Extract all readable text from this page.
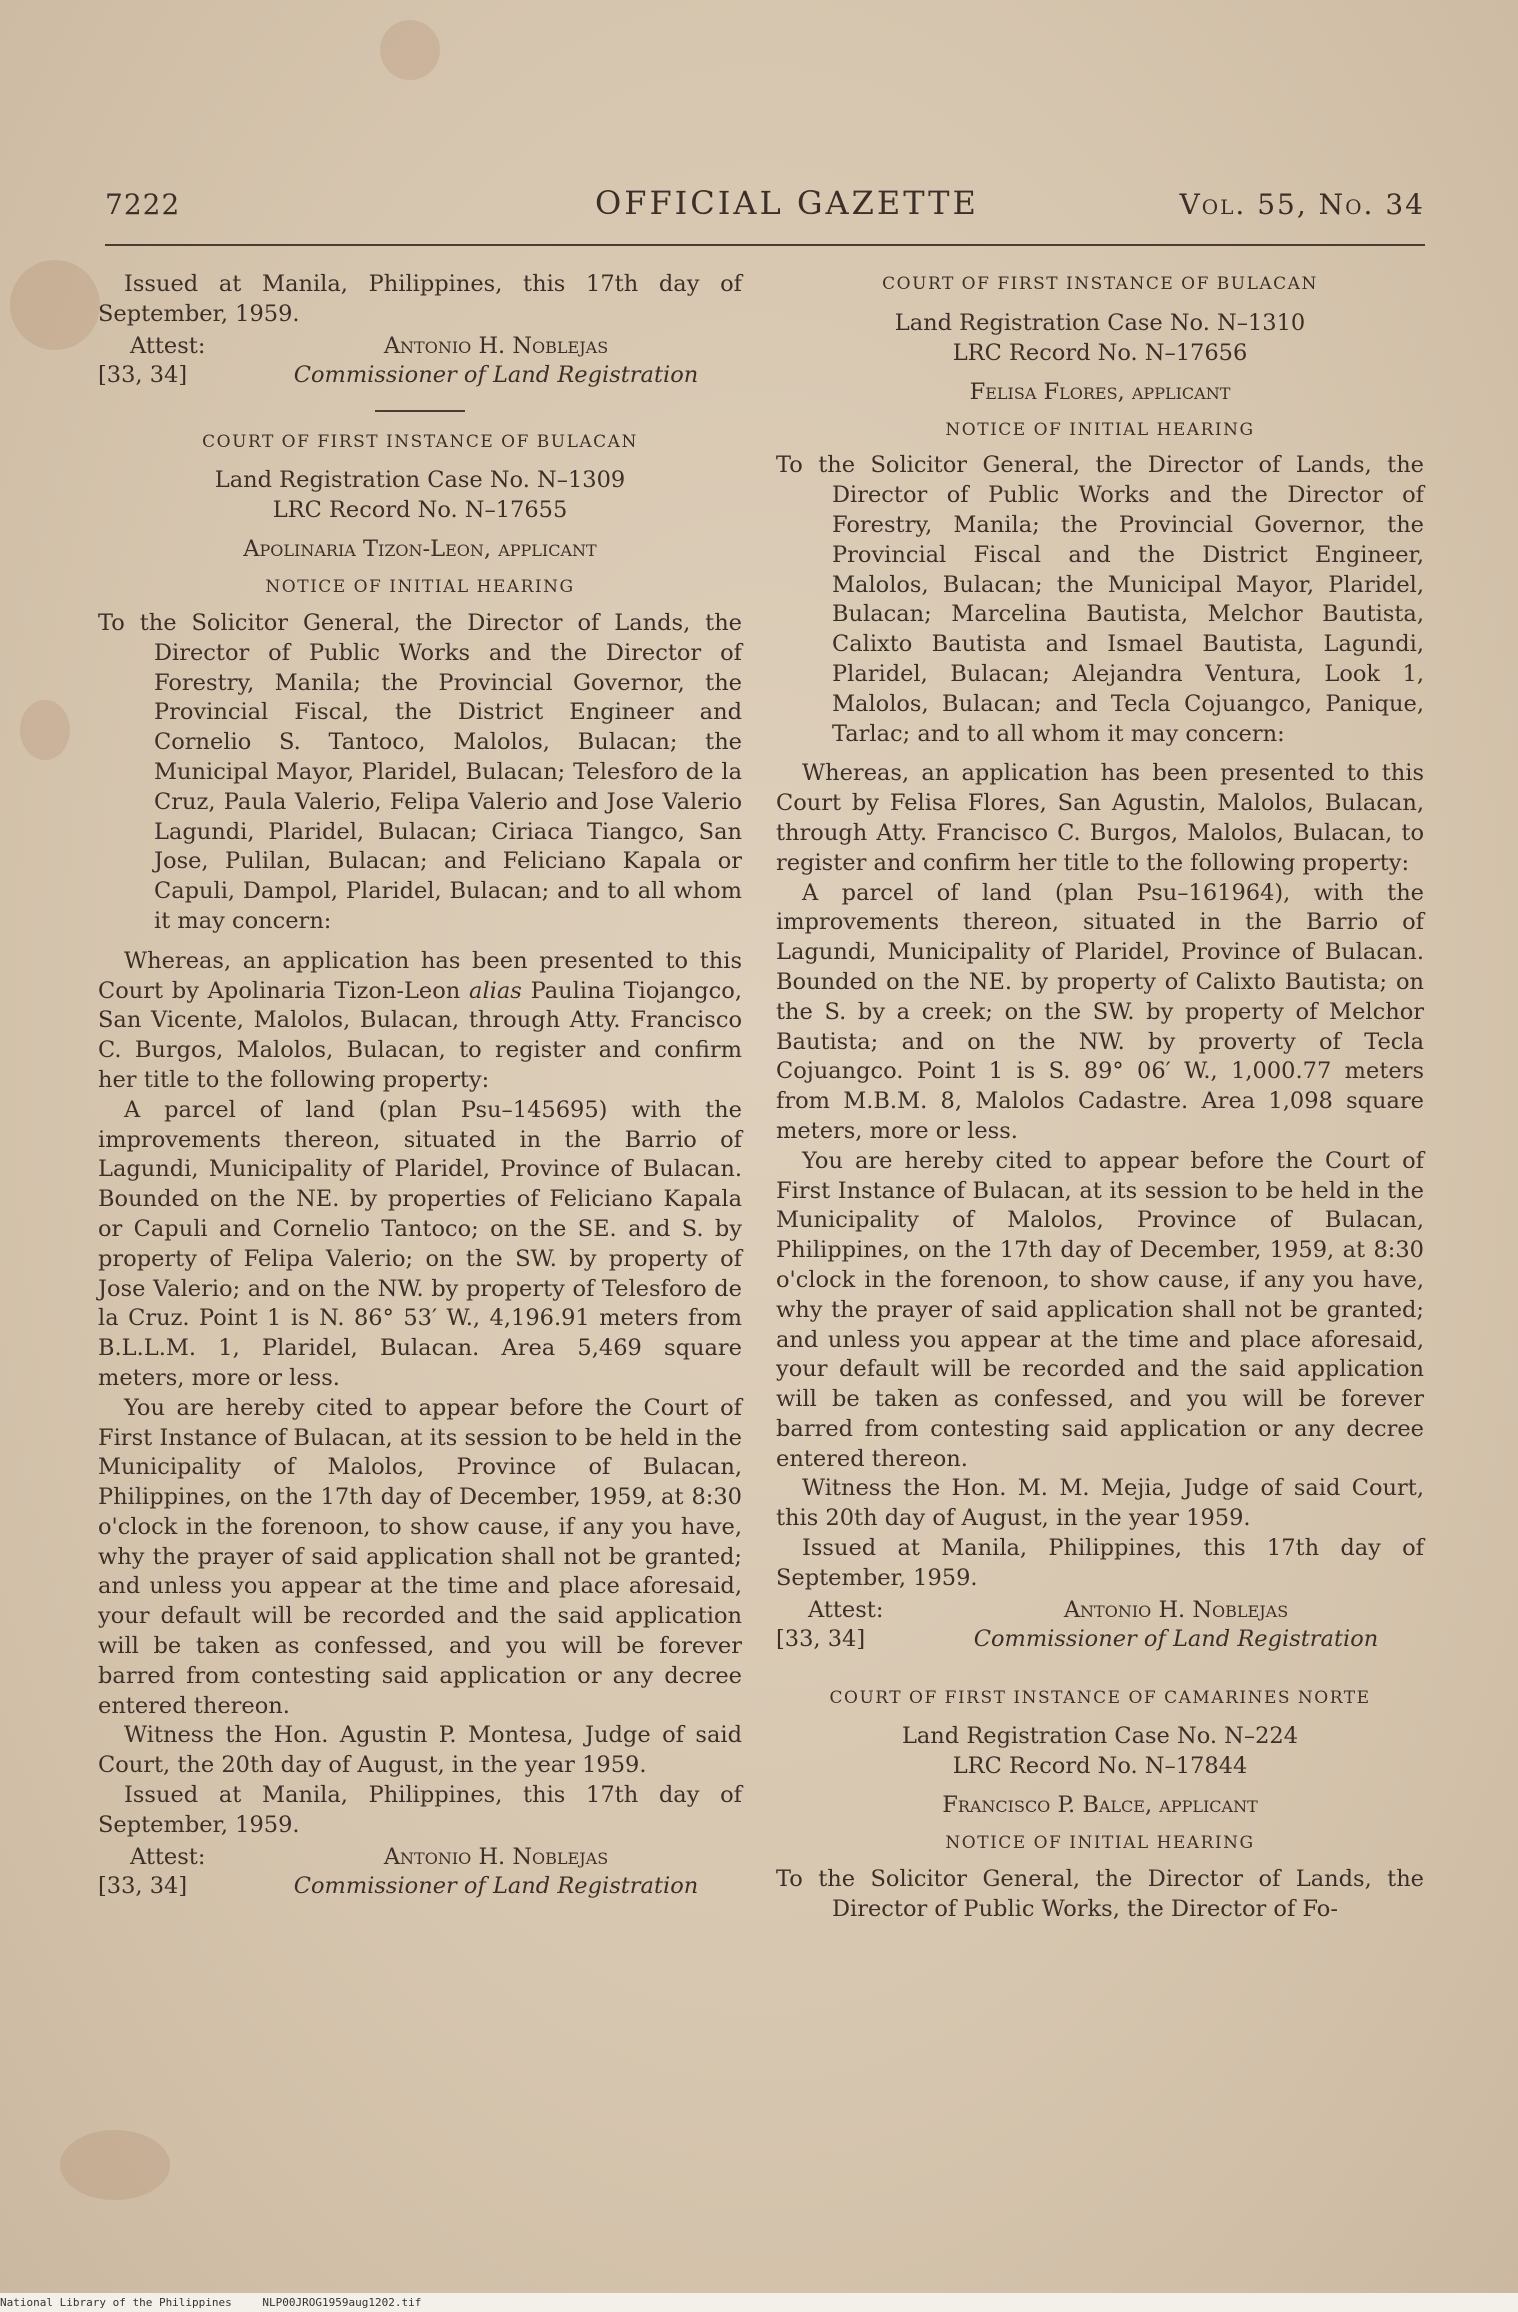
7222	OFFICIAL GAZETTE	Vol. 55, No. 34

Issued at Manila, Philippines, this 17th day of September, 1959.

Attest:
[33, 34]
Antonio H. Noblejas
Commissioner of Land Registration
COURT OF FIRST INSTANCE OF BULACAN
Land Registration Case No. N–1309
LRC Record No. N–17655
Apolinaria Tizon-Leon, applicant
NOTICE OF INITIAL HEARING

To the Solicitor General, the Director of Lands, the Director of Public Works and the Director of Forestry, Manila; the Provincial Governor, the Provincial Fiscal, the District Engineer and Cornelio S. Tantoco, Malolos, Bulacan; the Municipal Mayor, Plaridel, Bulacan; Telesforo de la Cruz, Paula Valerio, Felipa Valerio and Jose Valerio Lagundi, Plaridel, Bulacan; Ciriaca Tiangco, San Jose, Pulilan, Bulacan; and Feliciano Kapala or Capuli, Dampol, Plaridel, Bulacan; and to all whom it may concern:

Whereas, an application has been presented to this Court by Apolinaria Tizon-Leon alias Paulina Tiojangco, San Vicente, Malolos, Bulacan, through Atty. Francisco C. Burgos, Malolos, Bulacan, to register and confirm her title to the following property:

A parcel of land (plan Psu–145695) with the improvements thereon, situated in the Barrio of Lagundi, Municipality of Plaridel, Province of Bulacan. Bounded on the NE. by properties of Feliciano Kapala or Capuli and Cornelio Tantoco; on the SE. and S. by property of Felipa Valerio; on the SW. by property of Jose Valerio; and on the NW. by property of Telesforo de la Cruz. Point 1 is N. 86° 53′ W., 4,196.91 meters from B.L.L.M. 1, Plaridel, Bulacan. Area 5,469 square meters, more or less.

You are hereby cited to appear before the Court of First Instance of Bulacan, at its session to be held in the Municipality of Malolos, Province of Bulacan, Philippines, on the 17th day of December, 1959, at 8:30 o'clock in the forenoon, to show cause, if any you have, why the prayer of said application shall not be granted; and unless you appear at the time and place aforesaid, your default will be recorded and the said application will be taken as confessed, and you will be forever barred from contesting said application or any decree entered thereon.

Witness the Hon. Agustin P. Montesa, Judge of said Court, the 20th day of August, in the year 1959.

Issued at Manila, Philippines, this 17th day of September, 1959.

Attest:
[33, 34]
Antonio H. Noblejas
Commissioner of Land Registration
COURT OF FIRST INSTANCE OF BULACAN
Land Registration Case No. N–1310
LRC Record No. N–17656
Felisa Flores, applicant
NOTICE OF INITIAL HEARING

To the Solicitor General, the Director of Lands, the Director of Public Works and the Director of Forestry, Manila; the Provincial Governor, the Provincial Fiscal and the District Engineer, Malolos, Bulacan; the Municipal Mayor, Plaridel, Bulacan; Marcelina Bautista, Melchor Bautista, Calixto Bautista and Ismael Bautista, Lagundi, Plaridel, Bulacan; Alejandra Ventura, Look 1, Malolos, Bulacan; and Tecla Cojuangco, Panique, Tarlac; and to all whom it may concern:

Whereas, an application has been presented to this Court by Felisa Flores, San Agustin, Malolos, Bulacan, through Atty. Francisco C. Burgos, Malolos, Bulacan, to register and confirm her title to the following property:

A parcel of land (plan Psu–161964), with the improvements thereon, situated in the Barrio of Lagundi, Municipality of Plaridel, Province of Bulacan. Bounded on the NE. by property of Calixto Bautista; on the S. by a creek; on the SW. by property of Melchor Bautista; and on the NW. by proverty of Tecla Cojuangco. Point 1 is S. 89° 06′ W., 1,000.77 meters from M.B.M. 8, Malolos Cadastre. Area 1,098 square meters, more or less.

You are hereby cited to appear before the Court of First Instance of Bulacan, at its session to be held in the Municipality of Malolos, Province of Bulacan, Philippines, on the 17th day of December, 1959, at 8:30 o'clock in the forenoon, to show cause, if any you have, why the prayer of said application shall not be granted; and unless you appear at the time and place aforesaid, your default will be recorded and the said application will be taken as confessed, and you will be forever barred from contesting said application or any decree entered thereon.

Witness the Hon. M. M. Mejia, Judge of said Court, this 20th day of August, in the year 1959.

Issued at Manila, Philippines, this 17th day of September, 1959.

Attest:
[33, 34]
Antonio H. Noblejas
Commissioner of Land Registration
COURT OF FIRST INSTANCE OF CAMARINES NORTE
Land Registration Case No. N–224
LRC Record No. N–17844
Francisco P. Balce, applicant
NOTICE OF INITIAL HEARING

To the Solicitor General, the Director of Lands, the Director of Public Works, the Director of Fo-

National Library of the Philippines	NLP00JROG1959aug1202.tif
